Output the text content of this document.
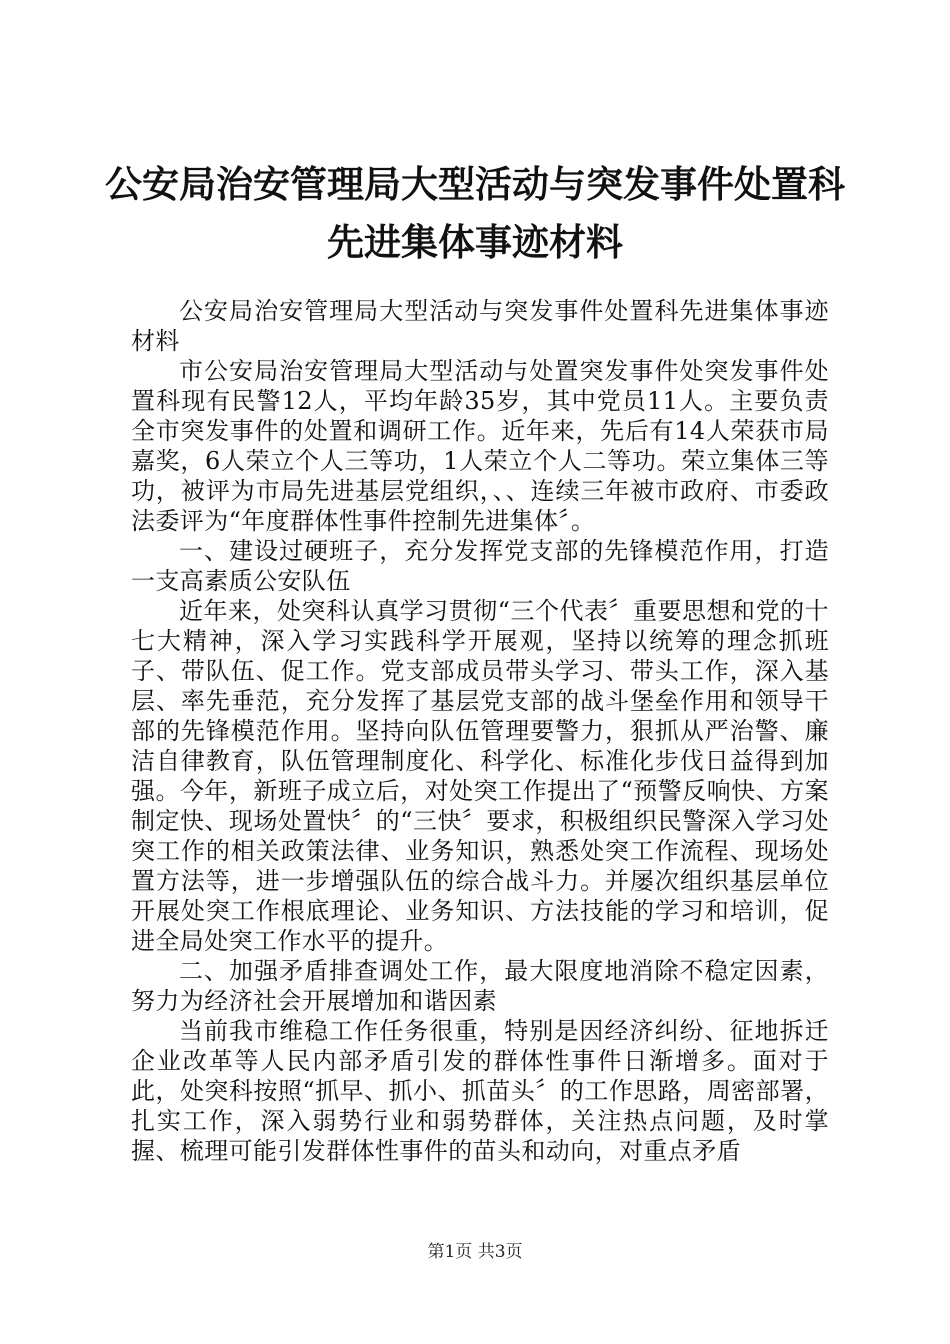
公安局治安管理局大型活动与突发事件处置科
先进集体事迹材料

公安局治安管理局大型活动与突发事件处置科先进集体事迹材料

市公安局治安管理局大型活动与处置突发事件处突发事件处置科现有民警12人，平均年龄35岁，其中党员11人。主要负责全市突发事件的处置和调研工作。近年来，先后有14人荣获市局嘉奖，6人荣立个人三等功，1人荣立个人二等功。荣立集体三等功，被评为市局先进基层党组织，、、连续三年被市政府、市委政法委评为“年度群体性事件控制先进集体〞。

一、建设过硬班子，充分发挥党支部的先锋模范作用，打造一支高素质公安队伍

近年来，处突科认真学习贯彻“三个代表〞重要思想和党的十七大精神，深入学习实践科学开展观，坚持以统筹的理念抓班子、带队伍、促工作。党支部成员带头学习、带头工作，深入基层、率先垂范，充分发挥了基层党支部的战斗堡垒作用和领导干部的先锋模范作用。坚持向队伍管理要警力，狠抓从严治警、廉洁自律教育，队伍管理制度化、科学化、标准化步伐日益得到加强。今年，新班子成立后，对处突工作提出了“预警反响快、方案制定快、现场处置快〞的“三快〞要求，积极组织民警深入学习处突工作的相关政策法律、业务知识，熟悉处突工作流程、现场处置方法等，进一步增强队伍的综合战斗力。并屡次组织基层单位开展处突工作根底理论、业务知识、方法技能的学习和培训，促进全局处突工作水平的提升。

二、加强矛盾排查调处工作，最大限度地消除不稳定因素，努力为经济社会开展增加和谐因素

当前我市维稳工作任务很重，特别是因经济纠纷、征地拆迁企业改革等人民内部矛盾引发的群体性事件日渐增多。面对于此，处突科按照“抓早、抓小、抓苗头〞的工作思路，周密部署，扎实工作，深入弱势行业和弱势群体，关注热点问题，及时掌握、梳理可能引发群体性事件的苗头和动向，对重点矛盾

第1页 共3页
